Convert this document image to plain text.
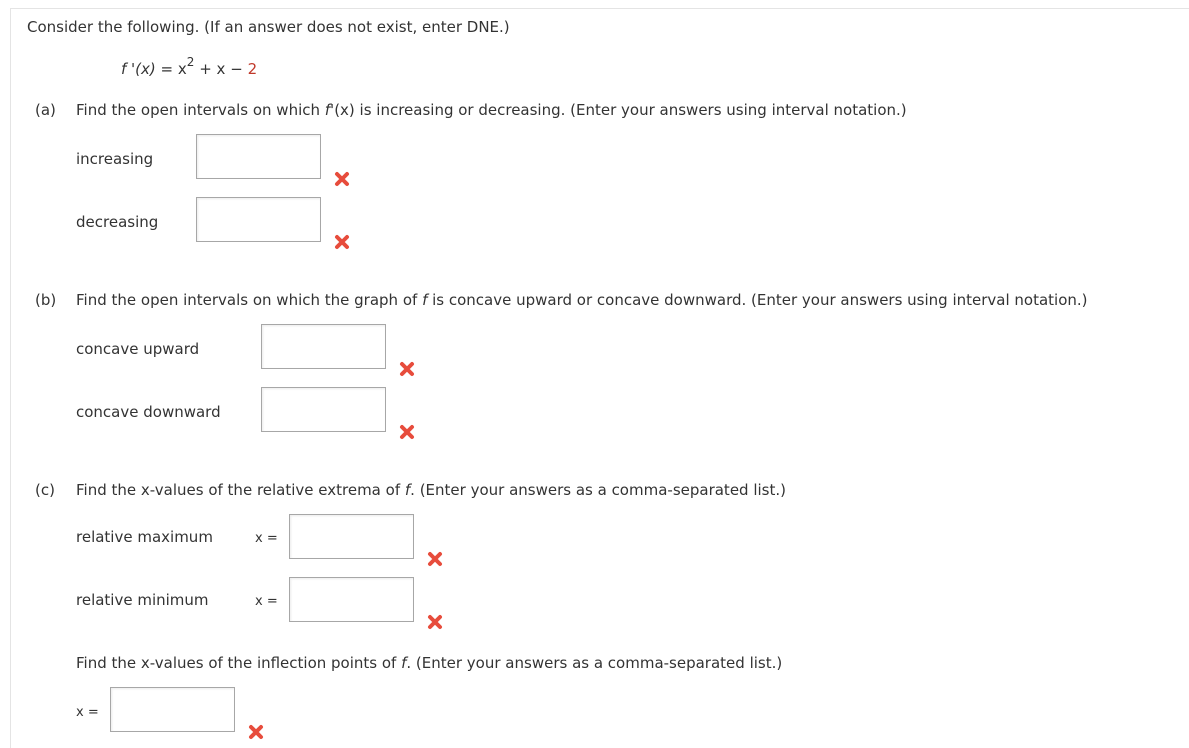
Consider the following. (If an answer does not exist, enter DNE.)
f '$(x) = x^2 + x - 2$
(a) Find the open intervals on which f'(x) is increasing or decreasing. (Enter your answers using interval notation.)
increasing
decreasing
(b) Find the open intervals on which the graph of f is concave upward or concave downward. (Enter your answers using interval notation.)
concave upward
concave downward
(c) Find the x-values of the relative extrema of f. (Enter your answers as a comma-separated list.)
relative maximum	x =
relative minimum	x =
Find the x-values of the inflection points of f. (Enter your answers as a comma-separated list.)
x =
